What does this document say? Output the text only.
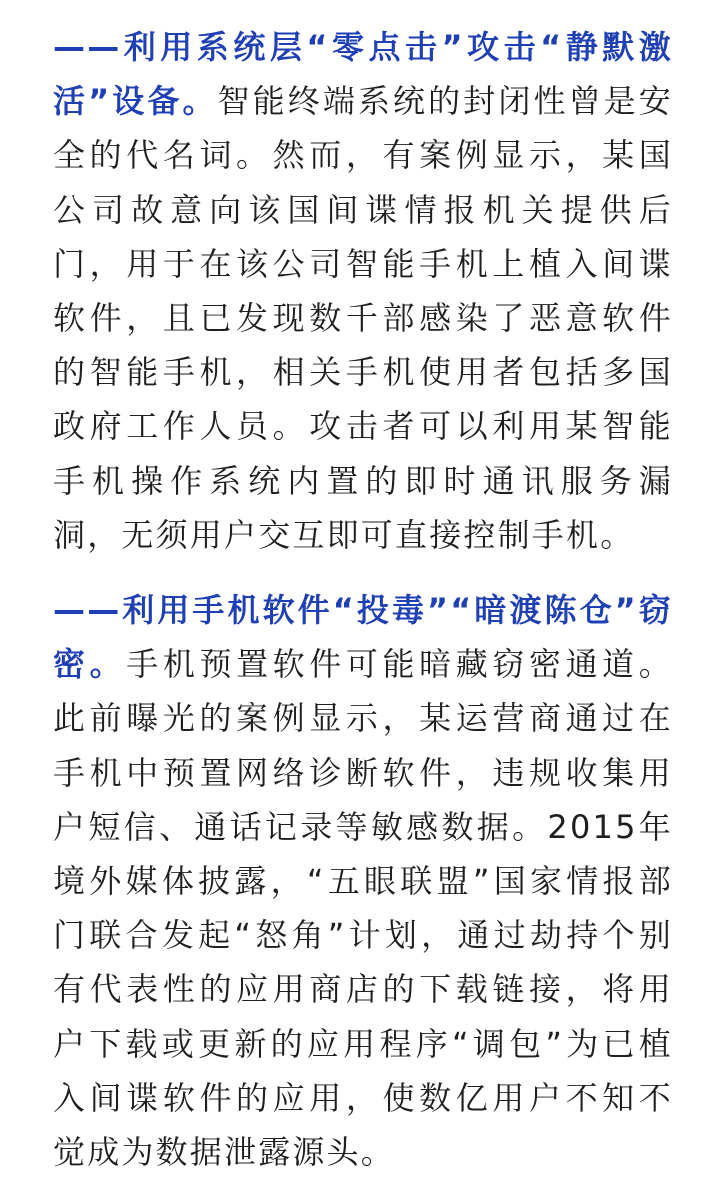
——利用系统层“零点击”攻击“静默激
活”设备。智能终端系统的封闭性曾是安
全的代名词。然而，有案例显示，某国
公司故意向该国间谍情报机关提供后
门，用于在该公司智能手机上植入间谍
软件，且已发现数千部感染了恶意软件
的智能手机，相关手机使用者包括多国
政府工作人员。攻击者可以利用某智能
手机操作系统内置的即时通讯服务漏
洞，无须用户交互即可直接控制手机。
——利用手机软件“投毒”“暗渡陈仓”窃
密。手机预置软件可能暗藏窃密通道。
此前曝光的案例显示，某运营商通过在
手机中预置网络诊断软件，违规收集用
户短信、通话记录等敏感数据。2015年
境外媒体披露，“五眼联盟”国家情报部
门联合发起“怒角”计划，通过劫持个别
有代表性的应用商店的下载链接，将用
户下载或更新的应用程序“调包”为已植
入间谍软件的应用，使数亿用户不知不
觉成为数据泄露源头。
